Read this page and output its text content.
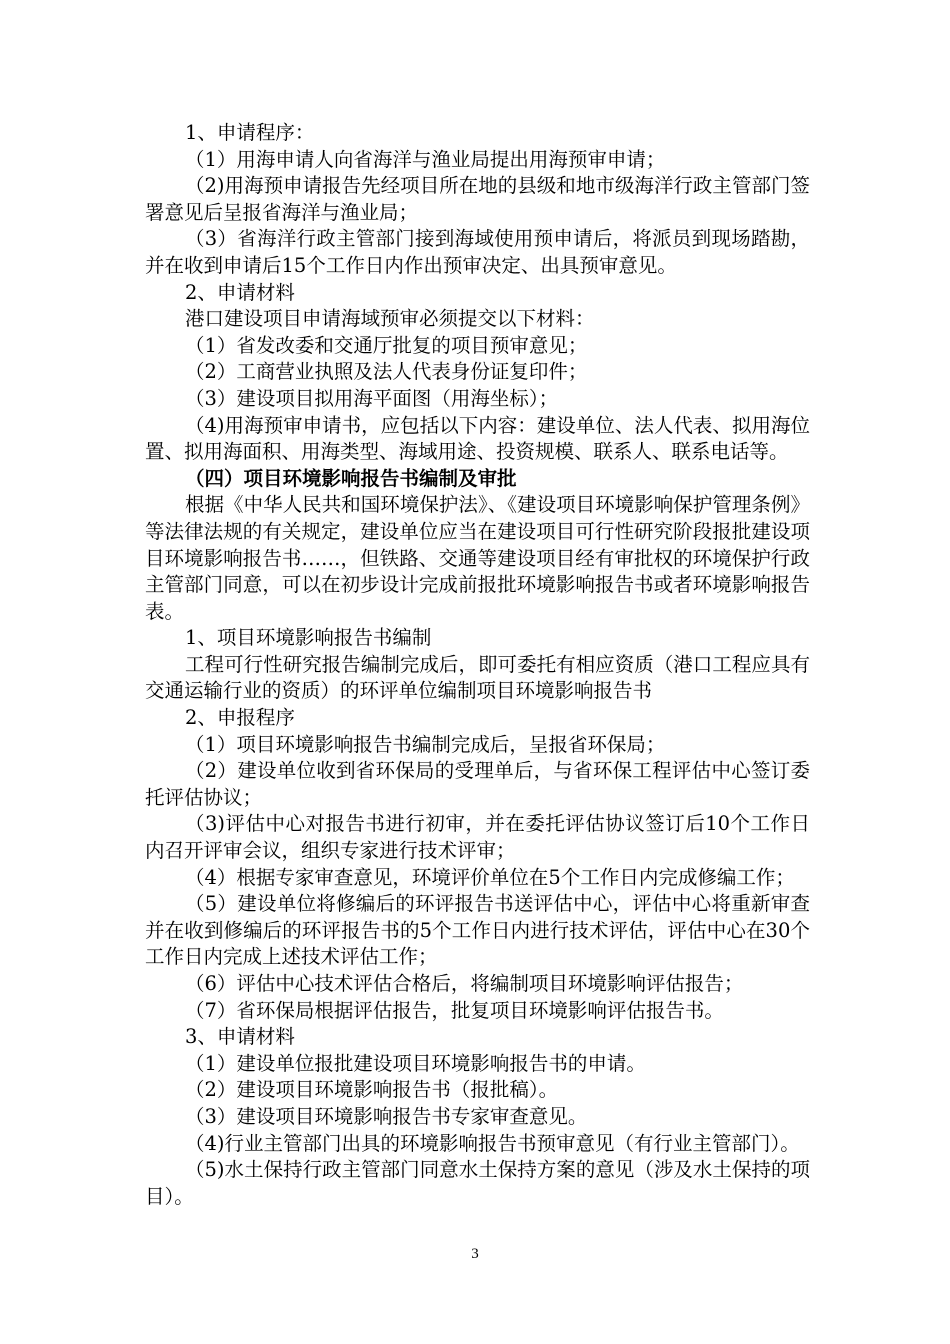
1、申请程序：

（1）用海申请人向省海洋与渔业局提出用海预审申请；

（2)用海预申请报告先经项目所在地的县级和地市级海洋行政主管部门签署意见后呈报省海洋与渔业局；

（3）省海洋行政主管部门接到海域使用预申请后，将派员到现场踏勘，并在收到申请后15个工作日内作出预审决定、出具预审意见。

2、申请材料

港口建设项目申请海域预审必须提交以下材料：

（1）省发改委和交通厅批复的项目预审意见；

（2）工商营业执照及法人代表身份证复印件；

（3）建设项目拟用海平面图（用海坐标）；

（4)用海预审申请书，应包括以下内容：建设单位、法人代表、拟用海位置、拟用海面积、用海类型、海域用途、投资规模、联系人、联系电话等。

（四）项目环境影响报告书编制及审批

根据《中华人民共和国环境保护法》、《建设项目环境影响保护管理条例》等法律法规的有关规定，建设单位应当在建设项目可行性研究阶段报批建设项目环境影响报告书……，但铁路、交通等建设项目经有审批权的环境保护行政主管部门同意，可以在初步设计完成前报批环境影响报告书或者环境影响报告表。

1、项目环境影响报告书编制

工程可行性研究报告编制完成后，即可委托有相应资质（港口工程应具有交通运输行业的资质）的环评单位编制项目环境影响报告书

2、申报程序

（1）项目环境影响报告书编制完成后，呈报省环保局；

（2）建设单位收到省环保局的受理单后，与省环保工程评估中心签订委托评估协议；

（3)评估中心对报告书进行初审，并在委托评估协议签订后10个工作日内召开评审会议，组织专家进行技术评审；

（4）根据专家审查意见，环境评价单位在5个工作日内完成修编工作；

（5）建设单位将修编后的环评报告书送评估中心，评估中心将重新审查并在收到修编后的环评报告书的5个工作日内进行技术评估，评估中心在30个工作日内完成上述技术评估工作；

（6）评估中心技术评估合格后，将编制项目环境影响评估报告；

（7）省环保局根据评估报告，批复项目环境影响评估报告书。

3、申请材料

（1）建设单位报批建设项目环境影响报告书的申请。

（2）建设项目环境影响报告书（报批稿）。

（3）建设项目环境影响报告书专家审查意见。

（4)行业主管部门出具的环境影响报告书预审意见（有行业主管部门）。

（5)水土保持行政主管部门同意水土保持方案的意见（涉及水土保持的项目）。

3
